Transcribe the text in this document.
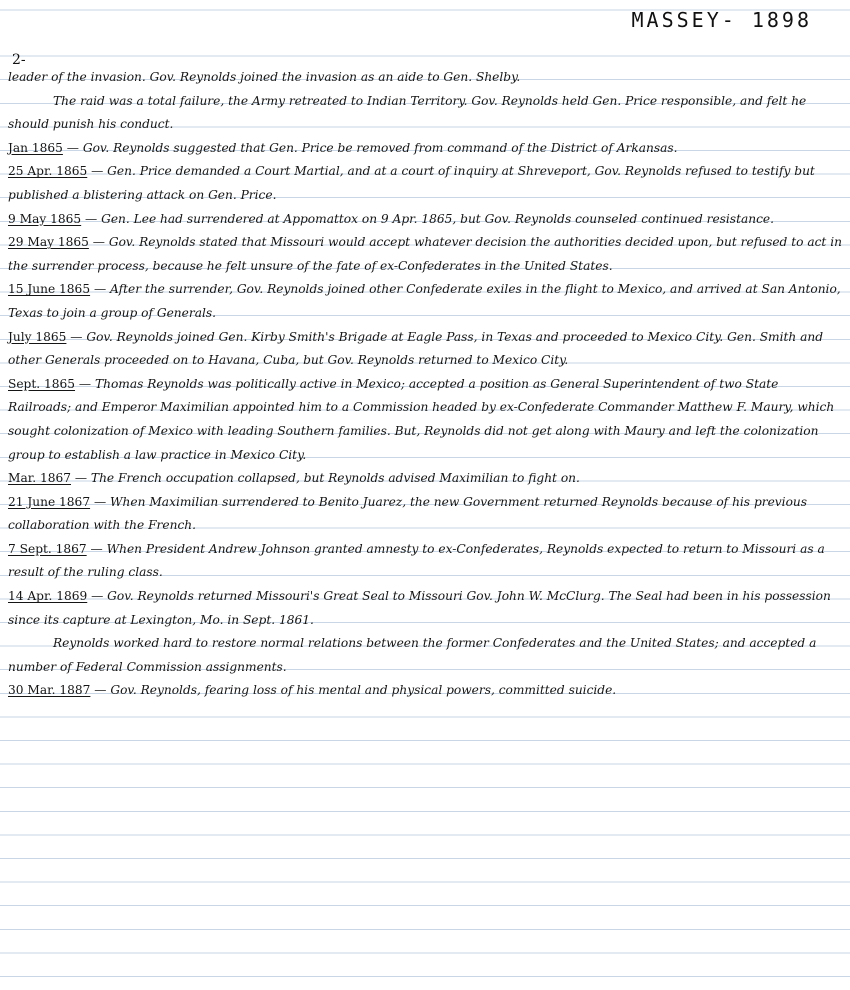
MASSEY- 1898
2-

leader of the invasion. Gov. Reynolds joined the invasion as an aide to Gen. Shelby.

The raid was a total failure, the Army retreated to Indian Territory. Gov. Reynolds held Gen. Price responsible, and felt he should punish his conduct.

Jan 1865 — Gov. Reynolds suggested that Gen. Price be removed from command of the District of Arkansas.

25 Apr. 1865 — Gen. Price demanded a Court Martial, and at a court of inquiry at Shreveport, Gov. Reynolds refused to testify but published a blistering attack on Gen. Price.

9 May 1865 — Gen. Lee had surrendered at Appomattox on 9 Apr. 1865, but Gov. Reynolds counseled continued resistance.

29 May 1865 — Gov. Reynolds stated that Missouri would accept whatever decision the authorities decided upon, but refused to act in the surrender process, because he felt unsure of the fate of ex-Confederates in the United States.

15 June 1865 — After the surrender, Gov. Reynolds joined other Confederate exiles in the flight to Mexico, and arrived at San Antonio, Texas to join a group of Generals.

July 1865 — Gov. Reynolds joined Gen. Kirby Smith's Brigade at Eagle Pass, in Texas and proceeded to Mexico City. Gen. Smith and other Generals proceeded on to Havana, Cuba, but Gov. Reynolds returned to Mexico City.

Sept. 1865 — Thomas Reynolds was politically active in Mexico; accepted a position as General Superintendent of two State Railroads; and Emperor Maximilian appointed him to a Commission headed by ex-Confederate Commander Matthew F. Maury, which sought colonization of Mexico with leading Southern families. But, Reynolds did not get along with Maury and left the colonization group to establish a law practice in Mexico City.

Mar. 1867 — The French occupation collapsed, but Reynolds advised Maximilian to fight on.

21 June 1867 — When Maximilian surrendered to Benito Juarez, the new Government returned Reynolds because of his previous collaboration with the French.

7 Sept. 1867 — When President Andrew Johnson granted amnesty to ex-Confederates, Reynolds expected to return to Missouri as a result of the ruling class.

14 Apr. 1869 — Gov. Reynolds returned Missouri's Great Seal to Missouri Gov. John W. McClurg. The Seal had been in his possession since its capture at Lexington, Mo. in Sept. 1861.

Reynolds worked hard to restore normal relations between the former Confederates and the United States; and accepted a number of Federal Commission assignments.

30 Mar. 1887 — Gov. Reynolds, fearing loss of his mental and physical powers, committed suicide.
